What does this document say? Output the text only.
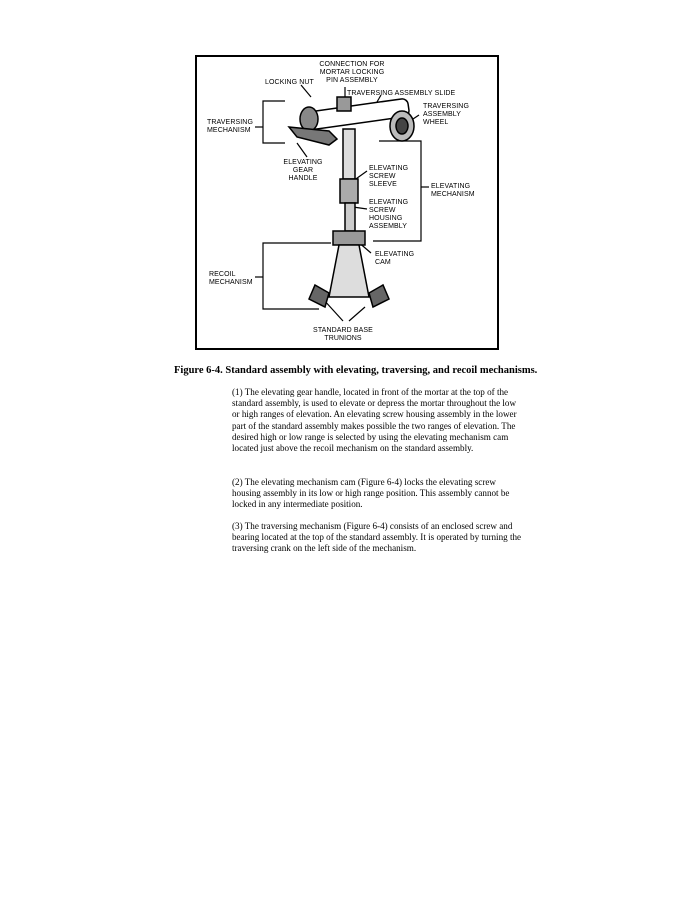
CONNECTION FOR
MORTAR LOCKING
PIN ASSEMBLY
LOCKING NUT
TRAVERSING ASSEMBLY SLIDE
TRAVERSING
ASSEMBLY
WHEEL
TRAVERSING
MECHANISM
ELEVATING
GEAR
HANDLE
ELEVATING
SCREW
SLEEVE	ELEVATING
MECHANISM
ELEVATING
SCREW
HOUSING
ASSEMBLY
ELEVATING
CAM
RECOIL
MECHANISM
STANDARD BASE
TRUNIONS
Figure 6-4. Standard assembly with elevating, traversing, and recoil mechanisms.

(1) The elevating gear handle, located in front of the mortar at the top of the standard assembly, is used to elevate or depress the mortar throughout the low or high ranges of elevation. An elevating screw housing assembly in the lower part of the standard assembly makes possible the two ranges of elevation. The desired high or low range is selected by using the elevating mechanism cam located just above the recoil mechanism on the standard assembly.

(2) The elevating mechanism cam (Figure 6-4) locks the elevating screw housing assembly in its low or high range position. This assembly cannot be locked in any intermediate position.

(3) The traversing mechanism (Figure 6-4) consists of an enclosed screw and bearing located at the top of the standard assembly. It is operated by turning the traversing crank on the left side of the mechanism.
